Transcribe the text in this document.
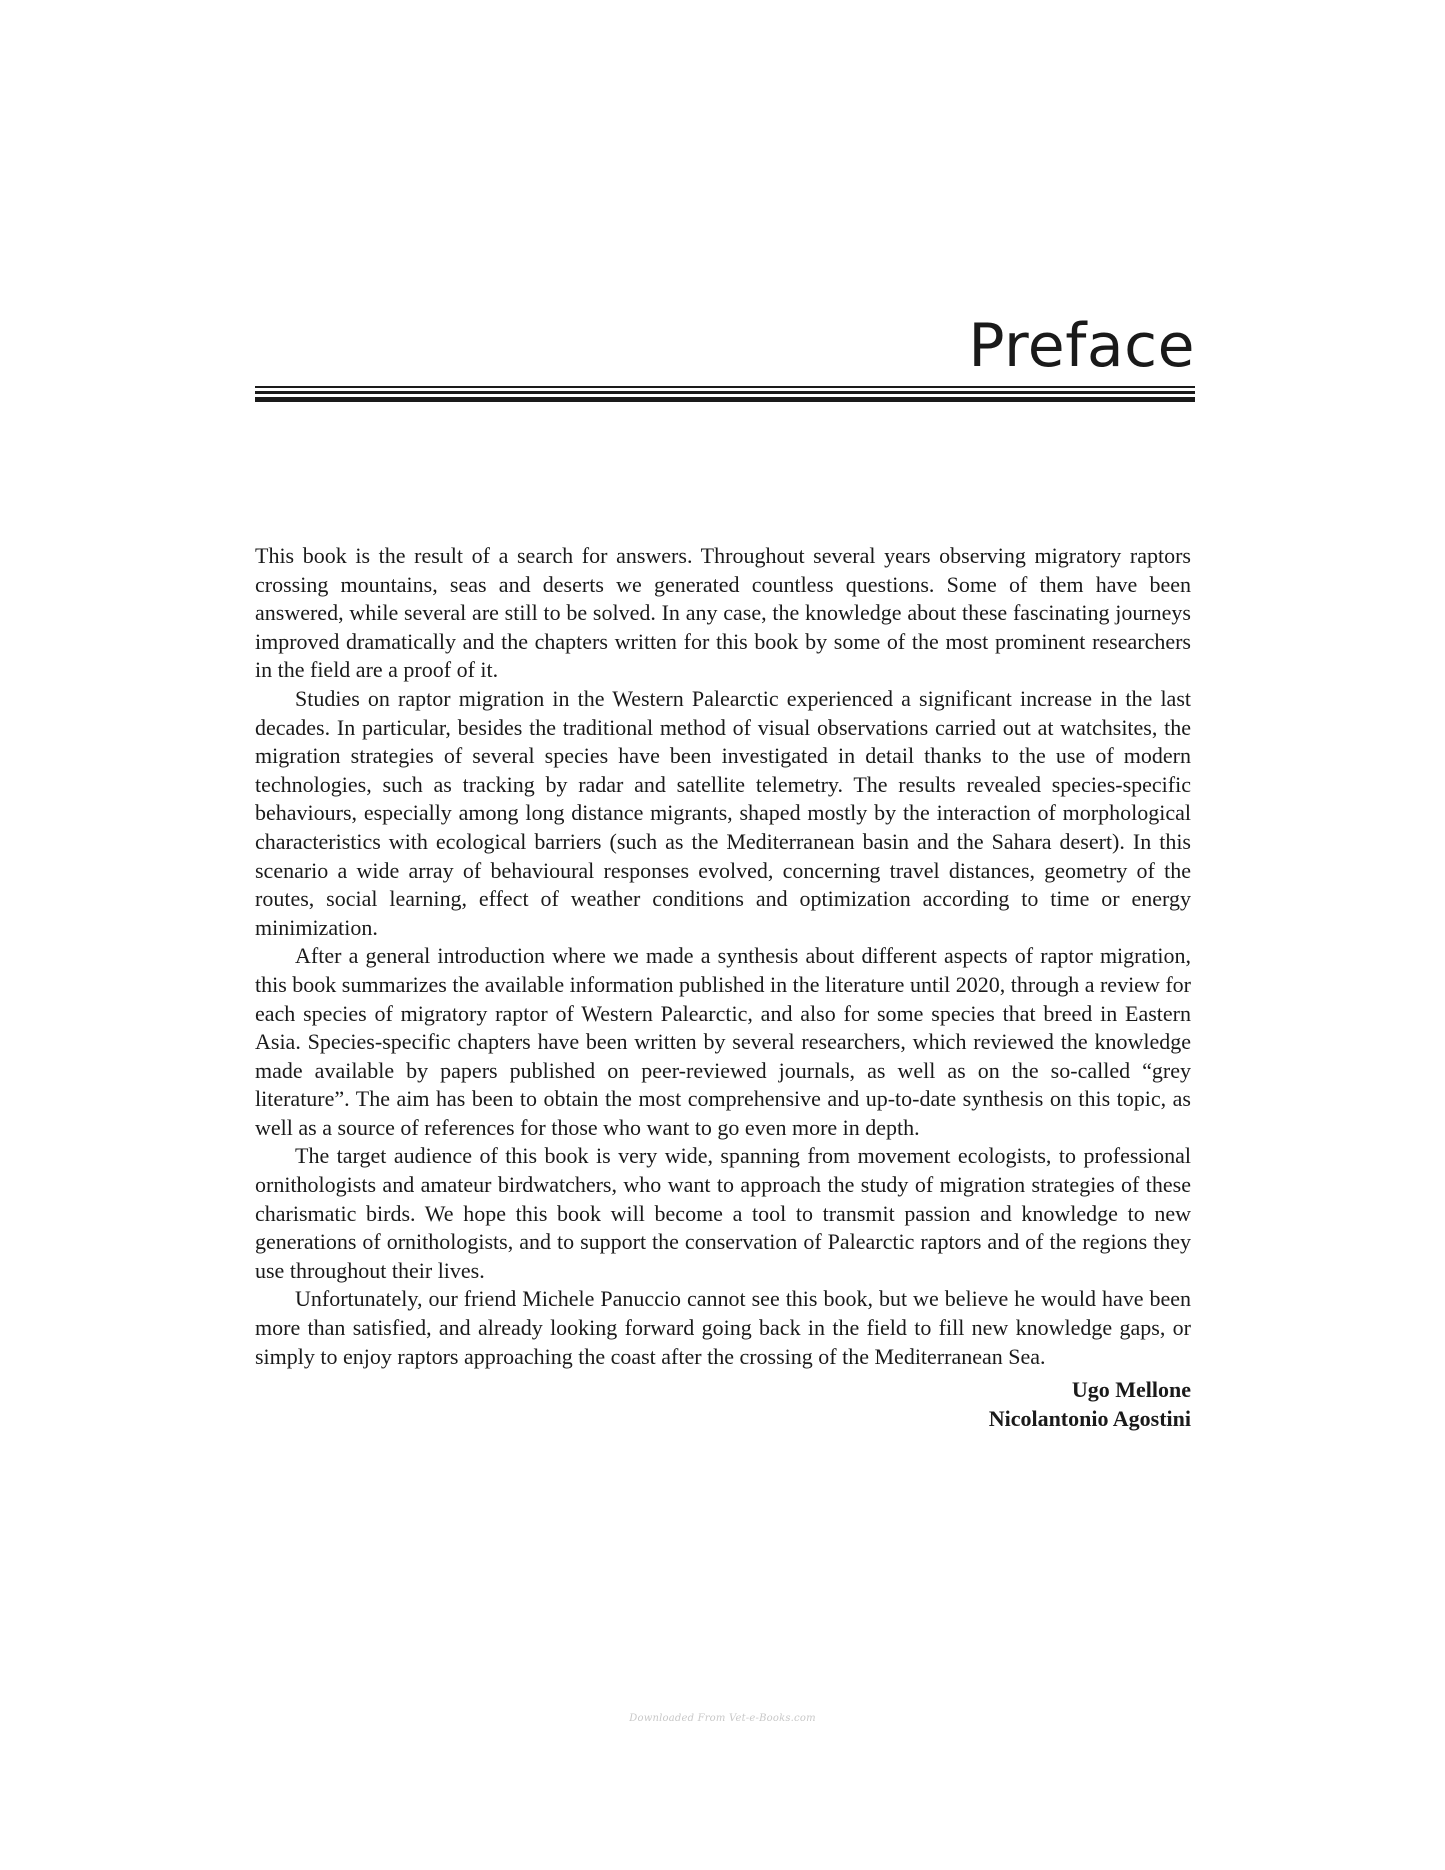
Preface

This book is the result of a search for answers. Throughout several years observing migratory raptors crossing mountains, seas and deserts we generated countless questions. Some of them have been answered, while several are still to be solved. In any case, the knowledge about these fascinating journeys improved dramatically and the chapters written for this book by some of the most prominent researchers in the field are a proof of it.

Studies on raptor migration in the Western Palearctic experienced a significant increase in the last decades. In particular, besides the traditional method of visual observations carried out at watchsites, the migration strategies of several species have been investigated in detail thanks to the use of modern technologies, such as tracking by radar and satellite telemetry. The results revealed species-specific behaviours, especially among long distance migrants, shaped mostly by the interaction of morphological characteristics with ecological barriers (such as the Mediterranean basin and the Sahara desert). In this scenario a wide array of behavioural responses evolved, concerning travel distances, geometry of the routes, social learning, effect of weather conditions and optimization according to time or energy minimization.

After a general introduction where we made a synthesis about different aspects of raptor migration, this book summarizes the available information published in the literature until 2020, through a review for each species of migratory raptor of Western Palearctic, and also for some species that breed in Eastern Asia. Species-specific chapters have been written by several researchers, which reviewed the knowledge made available by papers published on peer-reviewed journals, as well as on the so-called “grey literature”. The aim has been to obtain the most comprehensive and up-to-date synthesis on this topic, as well as a source of references for those who want to go even more in depth.

The target audience of this book is very wide, spanning from movement ecologists, to professional ornithologists and amateur birdwatchers, who want to approach the study of migration strategies of these charismatic birds. We hope this book will become a tool to transmit passion and knowledge to new generations of ornithologists, and to support the conservation of Palearctic raptors and of the regions they use throughout their lives.

Unfortunately, our friend Michele Panuccio cannot see this book, but we believe he would have been more than satisfied, and already looking forward going back in the field to fill new knowledge gaps, or simply to enjoy raptors approaching the coast after the crossing of the Mediterranean Sea.

Ugo Mellone
Nicolantonio Agostini
Downloaded From Vet-e-Books.com
